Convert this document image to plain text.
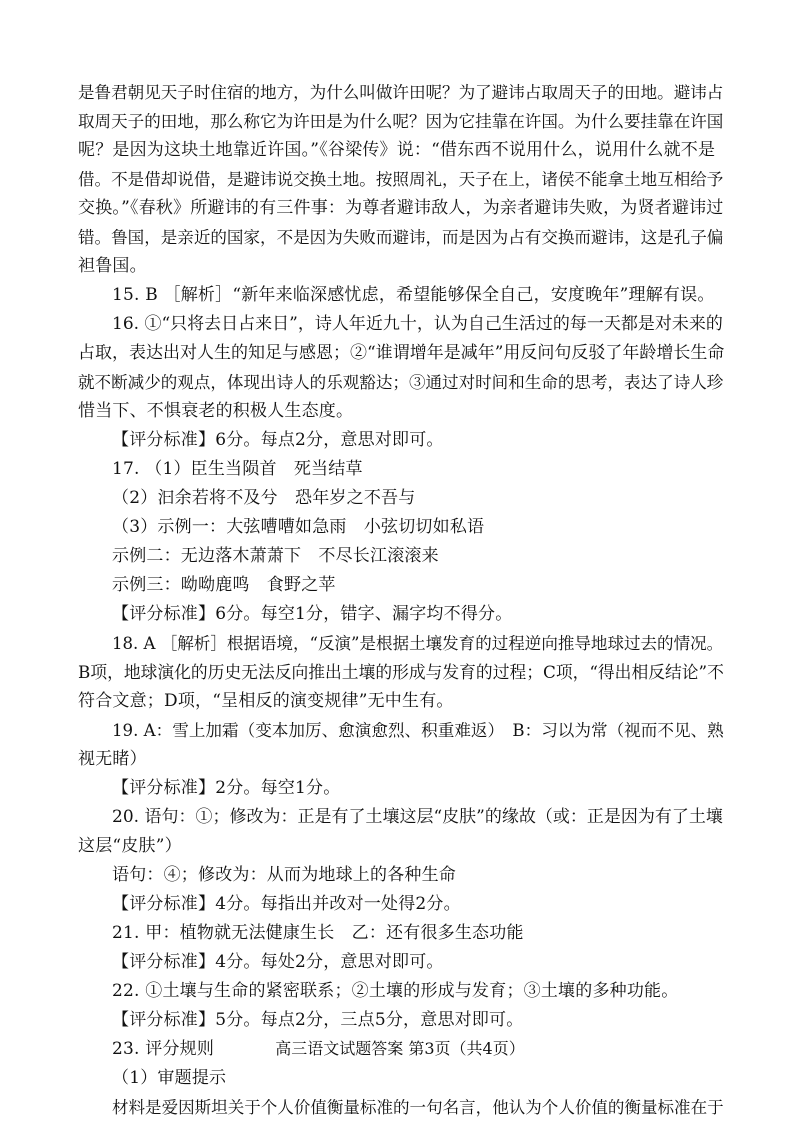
是鲁君朝见天子时住宿的地方，为什么叫做许田呢？为了避讳占取周天子的田地。避讳占
取周天子的田地，那么称它为许田是为什么呢？因为它挂靠在许国。为什么要挂靠在许国
呢？是因为这块土地靠近许国。”《谷梁传》说：“借东西不说用什么，说用什么就不是
借。不是借却说借，是避讳说交换土地。按照周礼，天子在上，诸侯不能拿土地互相给予
交换。”《春秋》所避讳的有三件事：为尊者避讳敌人，为亲者避讳失败，为贤者避讳过
错。鲁国，是亲近的国家，不是因为失败而避讳，而是因为占有交换而避讳，这是孔子偏
袒鲁国。
15. B ［解析］“新年来临深感忧虑，希望能够保全自己，安度晚年”理解有误。
16. ①“只将去日占来日”，诗人年近九十，认为自己生活过的每一天都是对未来的
占取，表达出对人生的知足与感恩；②“谁谓增年是减年”用反问句反驳了年龄增长生命
就不断减少的观点，体现出诗人的乐观豁达；③通过对时间和生命的思考，表达了诗人珍
惜当下、不惧衰老的积极人生态度。
【评分标准】6分。每点2分，意思对即可。
17. （1）臣生当陨首　死当结草
（2）汩余若将不及兮　恐年岁之不吾与
（3）示例一：大弦嘈嘈如急雨　小弦切切如私语
示例二：无边落木萧萧下　不尽长江滚滚来
示例三：呦呦鹿鸣　食野之苹
【评分标准】6分。每空1分，错字、漏字均不得分。
18. A ［解析］根据语境，“反演”是根据土壤发育的过程逆向推导地球过去的情况。
B项，地球演化的历史无法反向推出土壤的形成与发育的过程；C项，“得出相反结论”不
符合文意；D项，“呈相反的演变规律”无中生有。
19. A：雪上加霜（变本加厉、愈演愈烈、积重难返）　B：习以为常（视而不见、熟
视无睹）
【评分标准】2分。每空1分。
20. 语句：①；修改为：正是有了土壤这层“皮肤”的缘故（或：正是因为有了土壤
这层“皮肤”）
语句：④；修改为：从而为地球上的各种生命
【评分标准】4分。每指出并改对一处得2分。
21. 甲：植物就无法健康生长　乙：还有很多生态功能
【评分标准】4分。每处2分，意思对即可。
22. ①土壤与生命的紧密联系；②土壤的形成与发育；③土壤的多种功能。
【评分标准】5分。每点2分，三点5分，意思对即可。
23. 评分规则
（1）审题提示
材料是爱因斯坦关于个人价值衡量标准的一句名言，他认为个人价值的衡量标准在于
高三语文试题答案 第3页（共4页）
